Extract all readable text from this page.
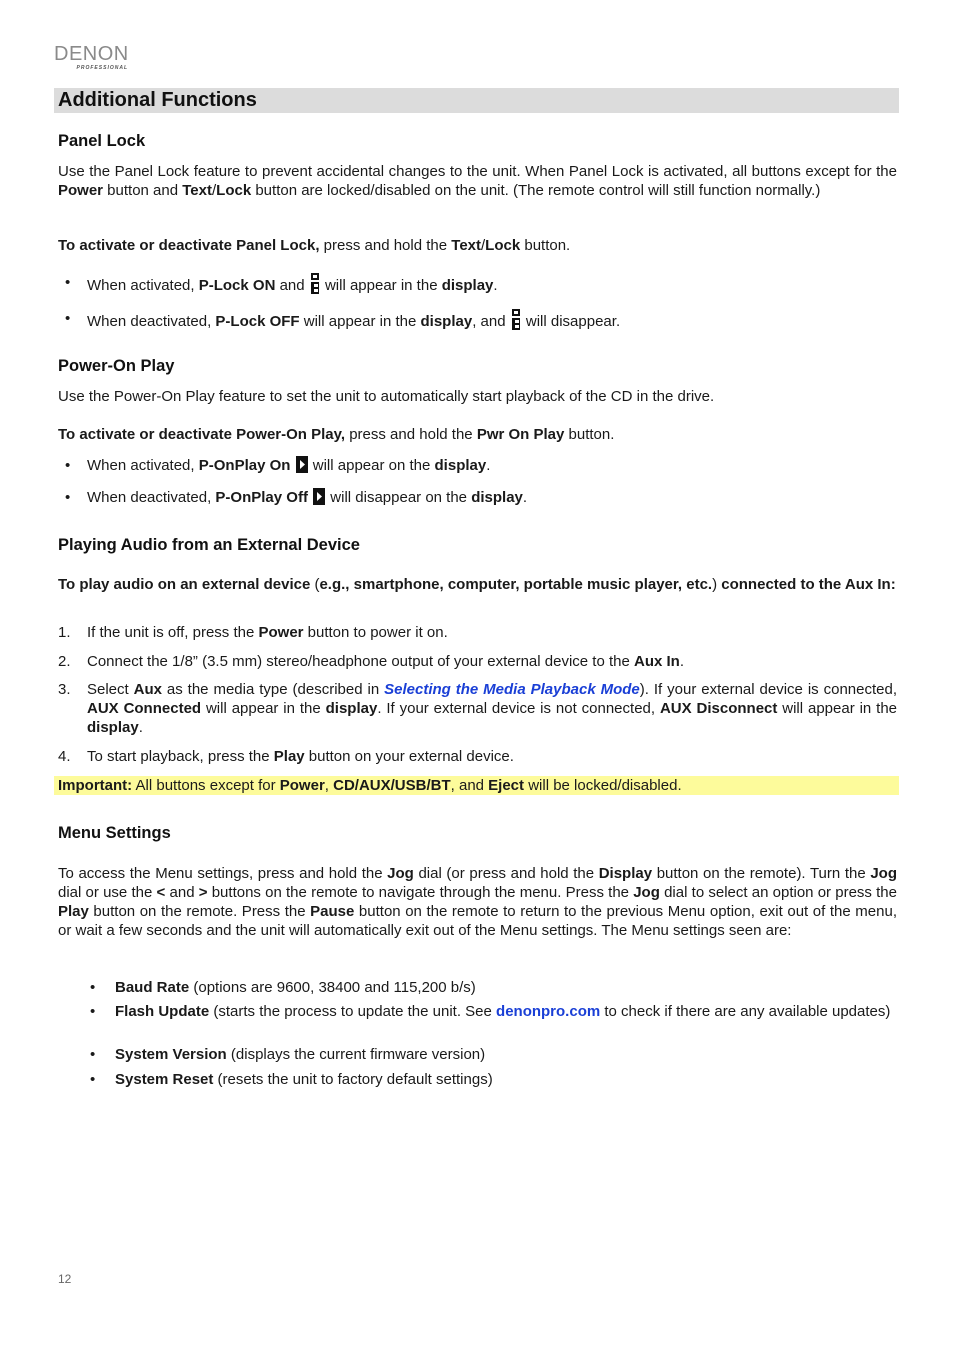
DENON
PROFESSIONAL
Additional Functions
Panel Lock

Use the Panel Lock feature to prevent accidental changes to the unit. When Panel Lock is activated, all buttons except for the Power button and Text/Lock button are locked/disabled on the unit. (The remote control will still function normally.)

To activate or deactivate Panel Lock, press and hold the Text/Lock button.

• When activated, P-Lock ON and  will appear in the display.
• When deactivated, P-Lock OFF will appear in the display, and  will disappear.
Power-On Play

Use the Power-On Play feature to set the unit to automatically start playback of the CD in the drive.

To activate or deactivate Power-On Play, press and hold the Pwr On Play button.

• When activated, P-OnPlay On  will appear on the display.
• When deactivated, P-OnPlay Off  will disappear on the display.
Playing Audio from an External Device

To play audio on an external device (e.g., smartphone, computer, portable music player, etc.) connected to the Aux In:

1. If the unit is off, press the Power button to power it on.

2. Connect the 1/8” (3.5 mm) stereo/headphone output of your external device to the Aux In.

3. Select Aux as the media type (described in Selecting the Media Playback Mode). If your external device is connected, AUX Connected will appear in the display. If your external device is not connected, AUX Disconnect will appear in the display.

4. To start playback, press the Play button on your external device.

Important: All buttons except for Power, CD/AUX/USB/BT, and Eject will be locked/disabled.

Menu Settings

To access the Menu settings, press and hold the Jog dial (or press and hold the Display button on the remote). Turn the Jog dial or use the < and > buttons on the remote to navigate through the menu. Press the Jog dial to select an option or press the Play button on the remote. Press the Pause button on the remote to return to the previous Menu option, exit out of the menu, or wait a few seconds and the unit will automatically exit out of the Menu settings. The Menu settings seen are:

• Baud Rate (options are 9600, 38400 and 115,200 b/s)

• Flash Update (starts the process to update the unit. See denonpro.com to check if there are any available updates)

• System Version (displays the current firmware version)

• System Reset (resets the unit to factory default settings)

12
